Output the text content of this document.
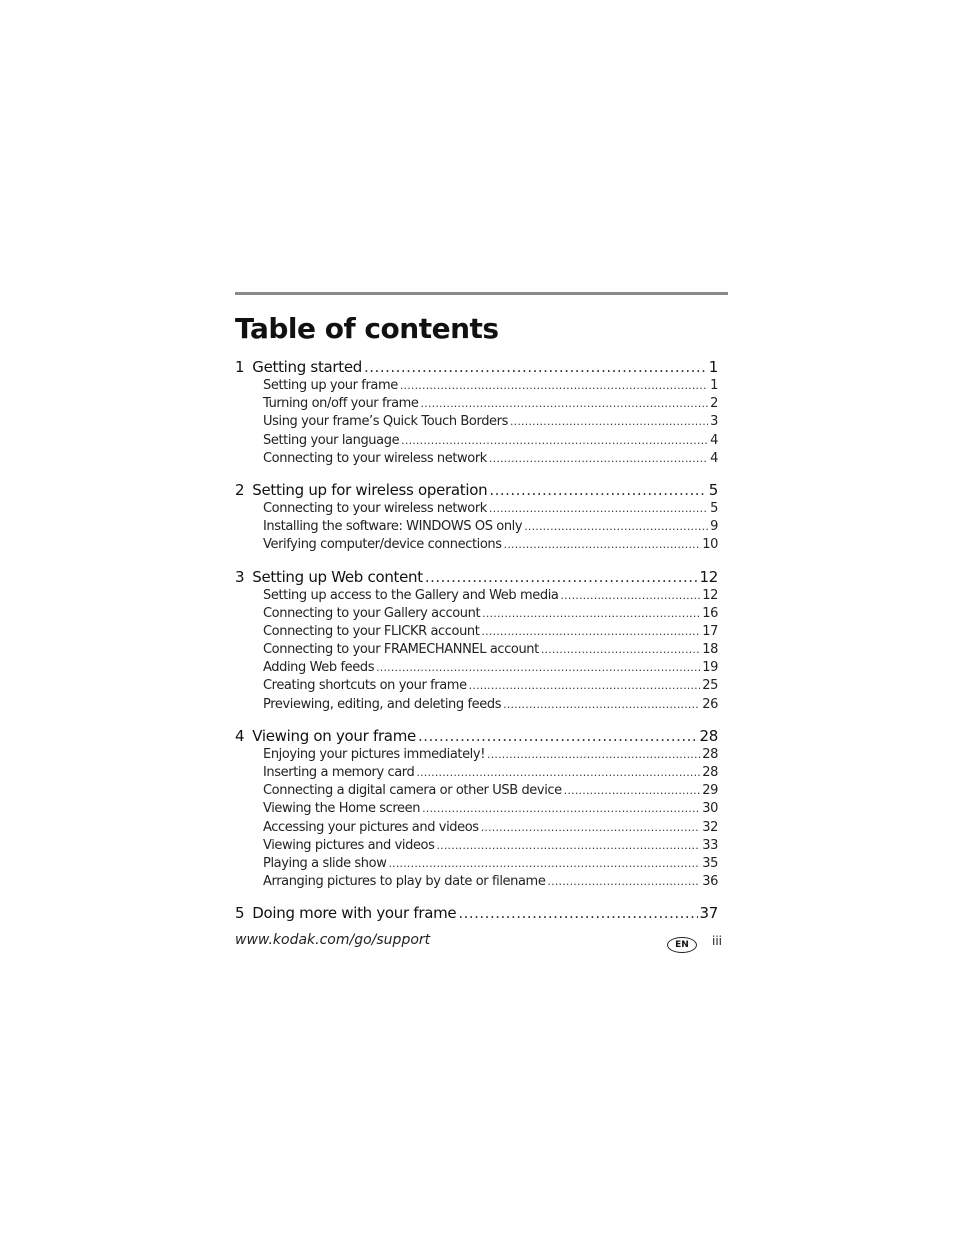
Table of contents
1 Getting started .....	1
Setting up your frame .....	1
Turning on/off your frame .....	2
Using your frame’s Quick Touch Borders .....	3
Setting your language .....	4
Connecting to your wireless network .....	4
2 Setting up for wireless operation .....	5
Connecting to your wireless network .....	5
Installing the software: WINDOWS OS only .....	9
Verifying computer/device connections .....	10
3 Setting up Web content .....	12
Setting up access to the Gallery and Web media .....	12
Connecting to your Gallery account .....	16
Connecting to your FLICKR account .....	17
Connecting to your FRAMECHANNEL account .....	18
Adding Web feeds .....	19
Creating shortcuts on your frame .....	25
Previewing, editing, and deleting feeds .....	26
4 Viewing on your frame .....	28
Enjoying your pictures immediately! .....	28
Inserting a memory card .....	28
Connecting a digital camera or other USB device .....	29
Viewing the Home screen .....	30
Accessing your pictures and videos .....	32
Viewing pictures and videos .....	33
Playing a slide show .....	35
Arranging pictures to play by date or filename .....	36
5 Doing more with your frame .....	37
www.kodak.com/go/support	EN	iii
